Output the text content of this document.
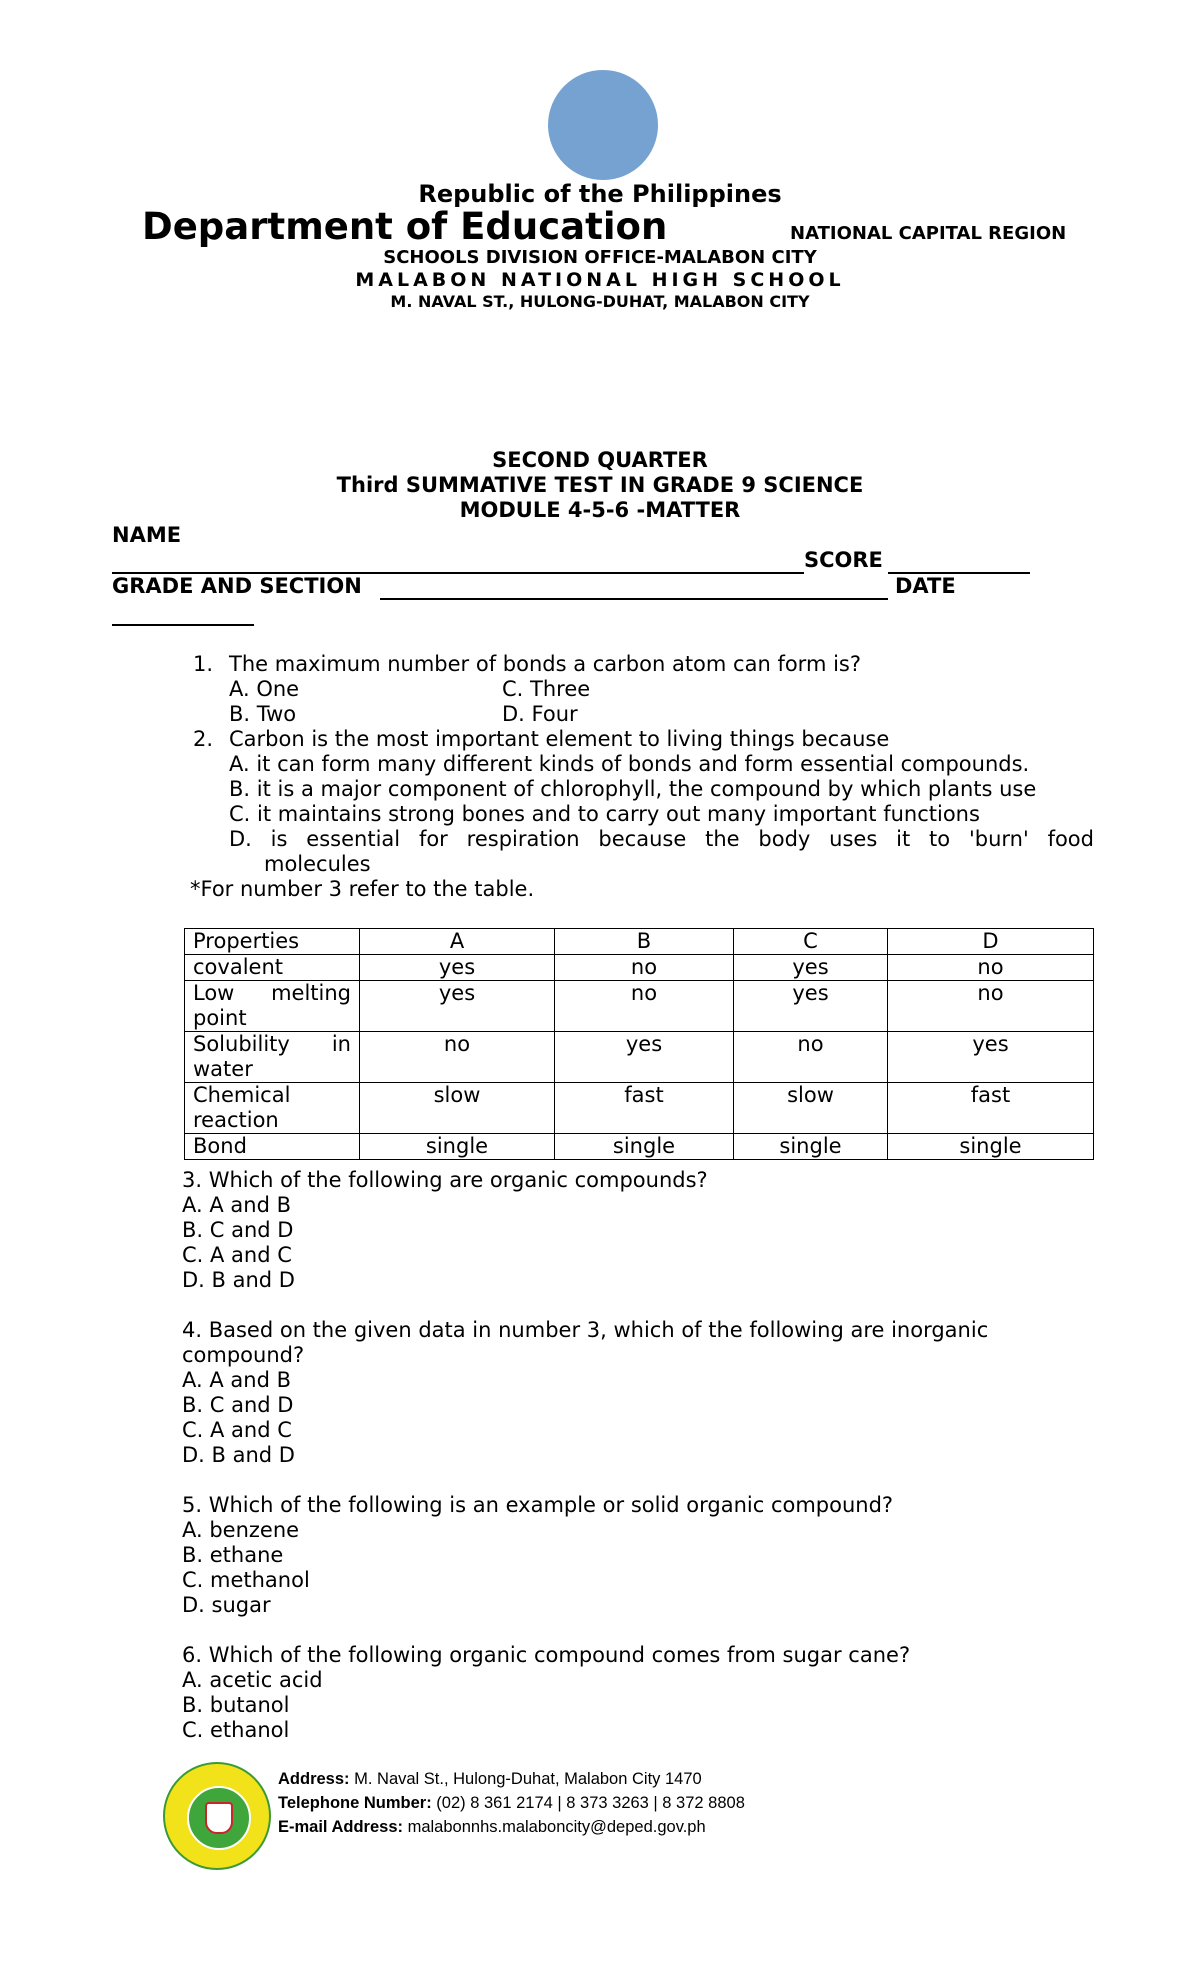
Republic of the Philippines
Department of Education	NATIONAL CAPITAL REGION
SCHOOLS DIVISION OFFICE-MALABON CITY
MALABON NATIONAL HIGH SCHOOL
M. NAVAL ST., HULONG-DUHAT, MALABON CITY
SECOND QUARTER
Third SUMMATIVE TEST IN GRADE 9 SCIENCE
MODULE 4-5-6 -MATTER
NAME
SCORE
GRADE AND SECTION	DATE
1. The maximum number of bonds a carbon atom can form is?
A. One	C. Three
B. Two	D. Four
2. Carbon is the most important element to living things because
A. it can form many different kinds of bonds and form essential compounds.
B. it is a major component of chlorophyll, the compound by which plants use
C. it maintains strong bones and to carry out many important functions
D. is essential for respiration because the body uses it to 'burn' food
molecules
*For number 3 refer to the table.
Properties	A	B	C	D
covalent	yes	no	yes	no
Low melting point	yes	no	yes	no
Solubility in water	no	yes	no	yes
Chemical reaction	slow	fast	slow	fast
Bond	single	single	single	single
3. Which of the following are organic compounds?
A. A and B
B. C and D
C. A and C
D. B and D
4. Based on the given data in number 3, which of the following are inorganic
compound?
A. A and B
B. C and D
C. A and C
D. B and D
5. Which of the following is an example or solid organic compound?
A. benzene
B. ethane
C. methanol
D. sugar
6. Which of the following organic compound comes from sugar cane?
A. acetic acid
B. butanol
C. ethanol
Address: M. Naval St., Hulong-Duhat, Malabon City 1470
Telephone Number: (02) 8 361 2174 | 8 373 3263 | 8 372 8808
E-mail Address: malabonnhs.malaboncity@deped.gov.ph
